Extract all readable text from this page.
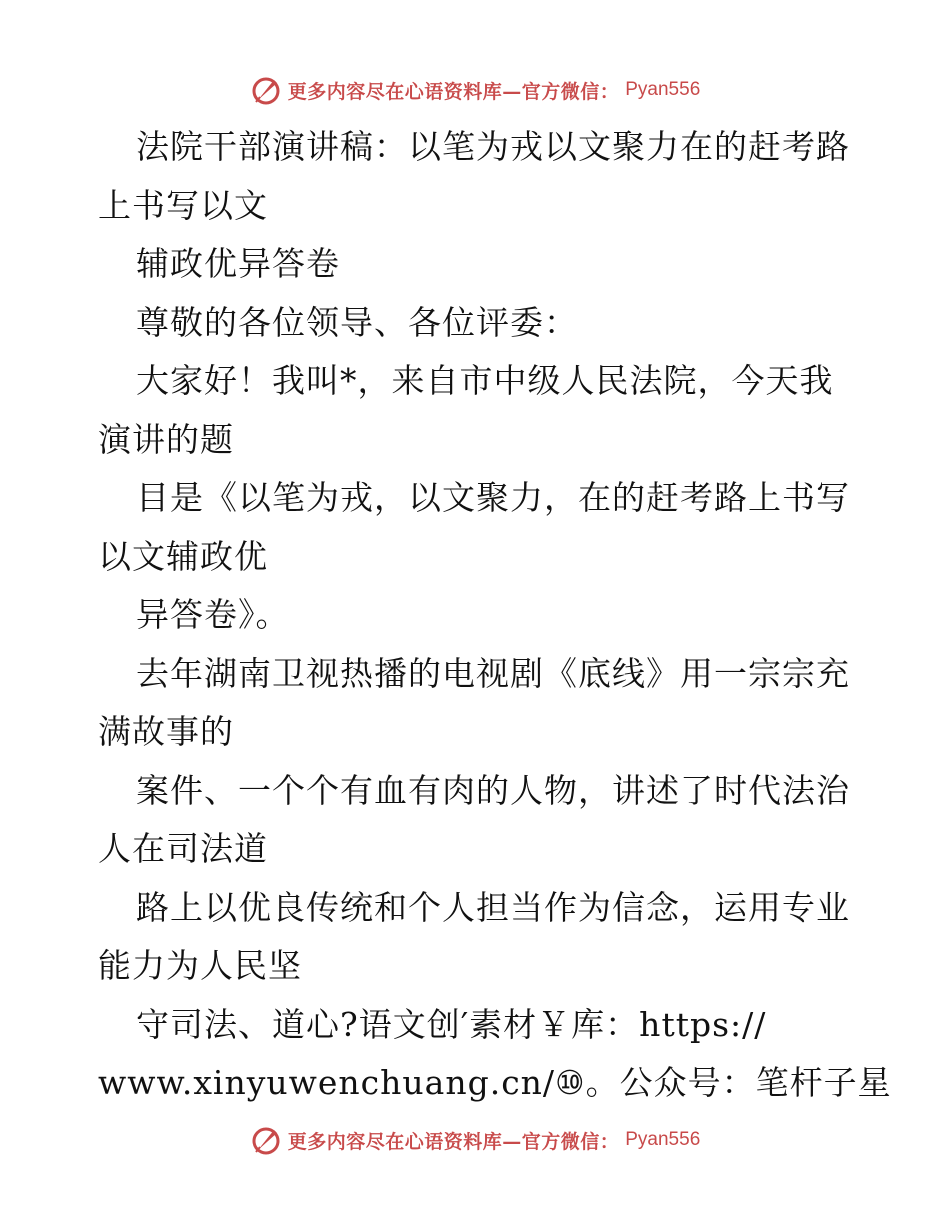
更多内容尽在心语资料库—官方微信： Pyan556
法院干部演讲稿：以笔为戎以文聚力在的赶考路
上书写以文
辅政优异答卷
尊敬的各位领导、各位评委：
大家好！我叫*，来自市中级人民法院，今天我
演讲的题
目是《以笔为戎，以文聚力，在的赶考路上书写
以文辅政优
异答卷》。
去年湖南卫视热播的电视剧《底线》用一宗宗充
满故事的
案件、一个个有血有肉的人物，讲述了时代法治
人在司法道
路上以优良传统和个人担当作为信念，运用专业
能力为人民坚
守司法、道心?语文创′素材￥库：https://
www.xinyuwenchuang.cn/⑩。公众号：笔杆子星
更多内容尽在心语资料库—官方微信： Pyan556
